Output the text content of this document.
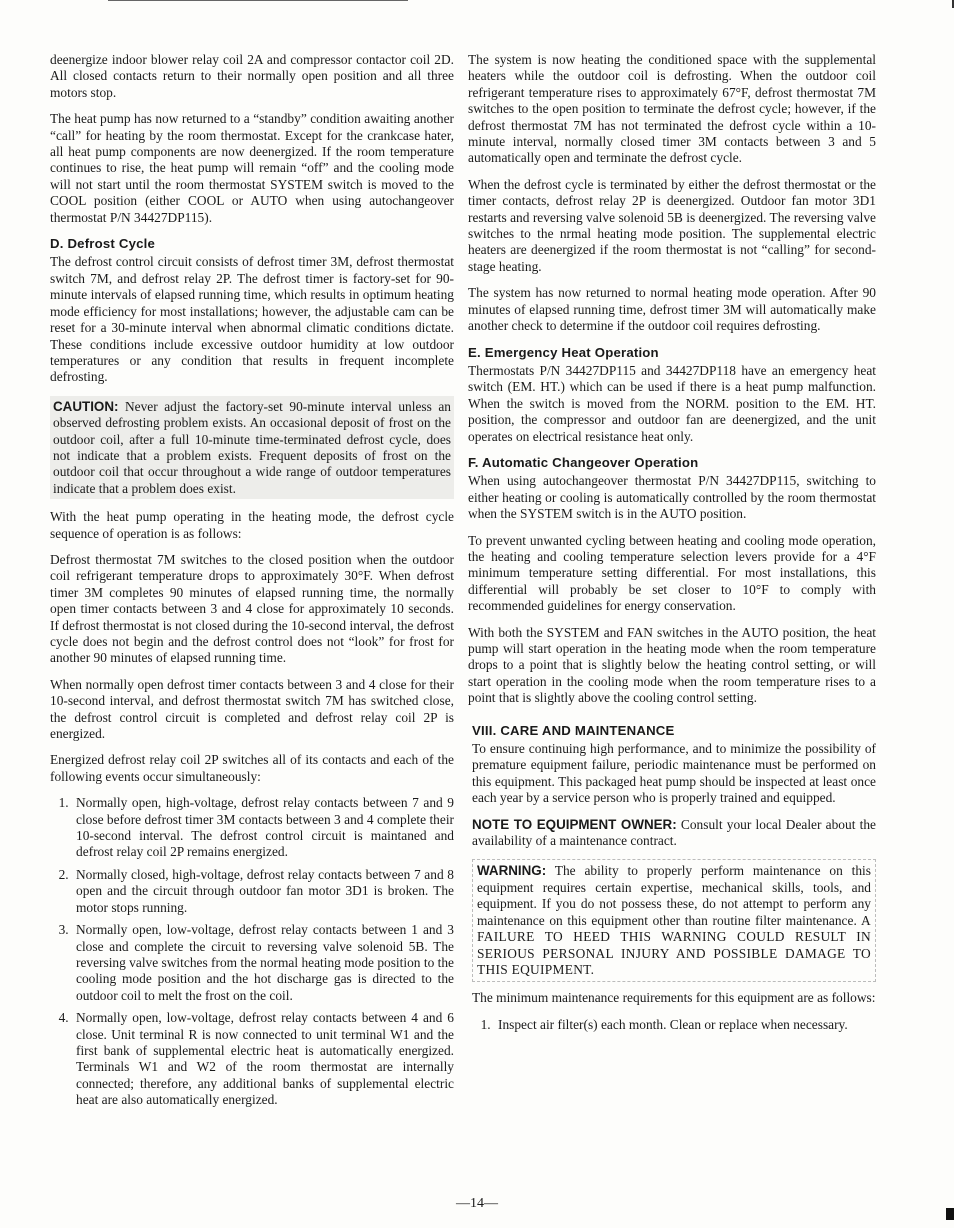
deenergize indoor blower relay coil 2A and compressor contactor coil 2D. All closed contacts return to their normally open position and all three motors stop.

The heat pump has now returned to a “standby” condition awaiting another “call” for heating by the room thermostat. Except for the crankcase hater, all heat pump components are now deenergized. If the room temperature continues to rise, the heat pump will remain “off” and the cooling mode will not start until the room thermostat SYSTEM switch is moved to the COOL position (either COOL or AUTO when using autochangeover thermostat P/N 34427DP115).

D. Defrost Cycle

The defrost control circuit consists of defrost timer 3M, defrost thermostat switch 7M, and defrost relay 2P. The defrost timer is factory-set for 90-minute intervals of elapsed running time, which results in optimum heating mode efficiency for most installations; however, the adjustable cam can be reset for a 30-minute interval when abnormal climatic conditions dictate. These conditions include excessive outdoor humidity at low outdoor temperatures or any condition that results in frequent incomplete defrosting.

CAUTION: Never adjust the factory-set 90-minute interval unless an observed defrosting problem exists. An occasional deposit of frost on the outdoor coil, after a full 10-minute time-terminated defrost cycle, does not indicate that a problem exists. Frequent deposits of frost on the outdoor coil that occur throughout a wide range of outdoor temperatures indicate that a problem does exist.

With the heat pump operating in the heating mode, the defrost cycle sequence of operation is as follows:

Defrost thermostat 7M switches to the closed position when the outdoor coil refrigerant temperature drops to approximately 30°F. When defrost timer 3M completes 90 minutes of elapsed running time, the normally open timer contacts between 3 and 4 close for approximately 10 seconds. If defrost thermostat is not closed during the 10-second interval, the defrost cycle does not begin and the defrost control does not “look” for frost for another 90 minutes of elapsed running time.

When normally open defrost timer contacts between 3 and 4 close for their 10-second interval, and defrost thermostat switch 7M has switched close, the defrost control circuit is completed and defrost relay coil 2P is energized.

Energized defrost relay coil 2P switches all of its contacts and each of the following events occur simultaneously:

1. Normally open, high-voltage, defrost relay contacts between 7 and 9 close before defrost timer 3M contacts between 3 and 4 complete their 10-second interval. The defrost control circuit is maintaned and defrost relay coil 2P remains energized.
2. Normally closed, high-voltage, defrost relay contacts between 7 and 8 open and the circuit through outdoor fan motor 3D1 is broken. The motor stops running.
3. Normally open, low-voltage, defrost relay contacts between 1 and 3 close and complete the circuit to reversing valve solenoid 5B. The reversing valve switches from the normal heating mode position to the cooling mode position and the hot discharge gas is directed to the outdoor coil to melt the frost on the coil.
4. Normally open, low-voltage, defrost relay contacts between 4 and 6 close. Unit terminal R is now connected to unit terminal W1 and the first bank of supplemental electric heat is automatically energized. Terminals W1 and W2 of the room thermostat are internally connected; therefore, any additional banks of supplemental electric heat are also automatically energized.

The system is now heating the conditioned space with the supplemental heaters while the outdoor coil is defrosting. When the outdoor coil refrigerant temperature rises to approximately 67°F, defrost thermostat 7M switches to the open position to terminate the defrost cycle; however, if the defrost thermostat 7M has not terminated the defrost cycle within a 10-minute interval, normally closed timer 3M contacts between 3 and 5 automatically open and terminate the defrost cycle.

When the defrost cycle is terminated by either the defrost thermostat or the timer contacts, defrost relay 2P is deenergized. Outdoor fan motor 3D1 restarts and reversing valve solenoid 5B is deenergized. The reversing valve switches to the nrmal heating mode position. The supplemental electric heaters are deenergized if the room thermostat is not “calling” for second-stage heating.

The system has now returned to normal heating mode operation. After 90 minutes of elapsed running time, defrost timer 3M will automatically make another check to determine if the outdoor coil requires defrosting.

E. Emergency Heat Operation

Thermostats P/N 34427DP115 and 34427DP118 have an emergency heat switch (EM. HT.) which can be used if there is a heat pump malfunction. When the switch is moved from the NORM. position to the EM. HT. position, the compressor and outdoor fan are deenergized, and the unit operates on electrical resistance heat only.

F. Automatic Changeover Operation

When using autochangeover thermostat P/N 34427DP115, switching to either heating or cooling is automatically controlled by the room thermostat when the SYSTEM switch is in the AUTO position.

To prevent unwanted cycling between heating and cooling mode operation, the heating and cooling temperature selection levers provide for a 4°F minimum temperature setting differential. For most installations, this differential will probably be set closer to 10°F to comply with recommended guidelines for energy conservation.

With both the SYSTEM and FAN switches in the AUTO position, the heat pump will start operation in the heating mode when the room temperature drops to a point that is slightly below the heating control setting, or will start operation in the cooling mode when the room temperature rises to a point that is slightly above the cooling control setting.

VIII. CARE AND MAINTENANCE

To ensure continuing high performance, and to minimize the possibility of premature equipment failure, periodic maintenance must be performed on this equipment. This packaged heat pump should be inspected at least once each year by a service person who is properly trained and equipped.

NOTE TO EQUIPMENT OWNER: Consult your local Dealer about the availability of a maintenance contract.

WARNING: The ability to properly perform maintenance on this equipment requires certain expertise, mechanical skills, tools, and equipment. If you do not possess these, do not attempt to perform any maintenance on this equipment other than routine filter maintenance. A FAILURE TO HEED THIS WARNING COULD RESULT IN SERIOUS PERSONAL INJURY AND POSSIBLE DAMAGE TO THIS EQUIPMENT.

The minimum maintenance requirements for this equipment are as follows:

1. Inspect air filter(s) each month. Clean or replace when necessary.
—14—
